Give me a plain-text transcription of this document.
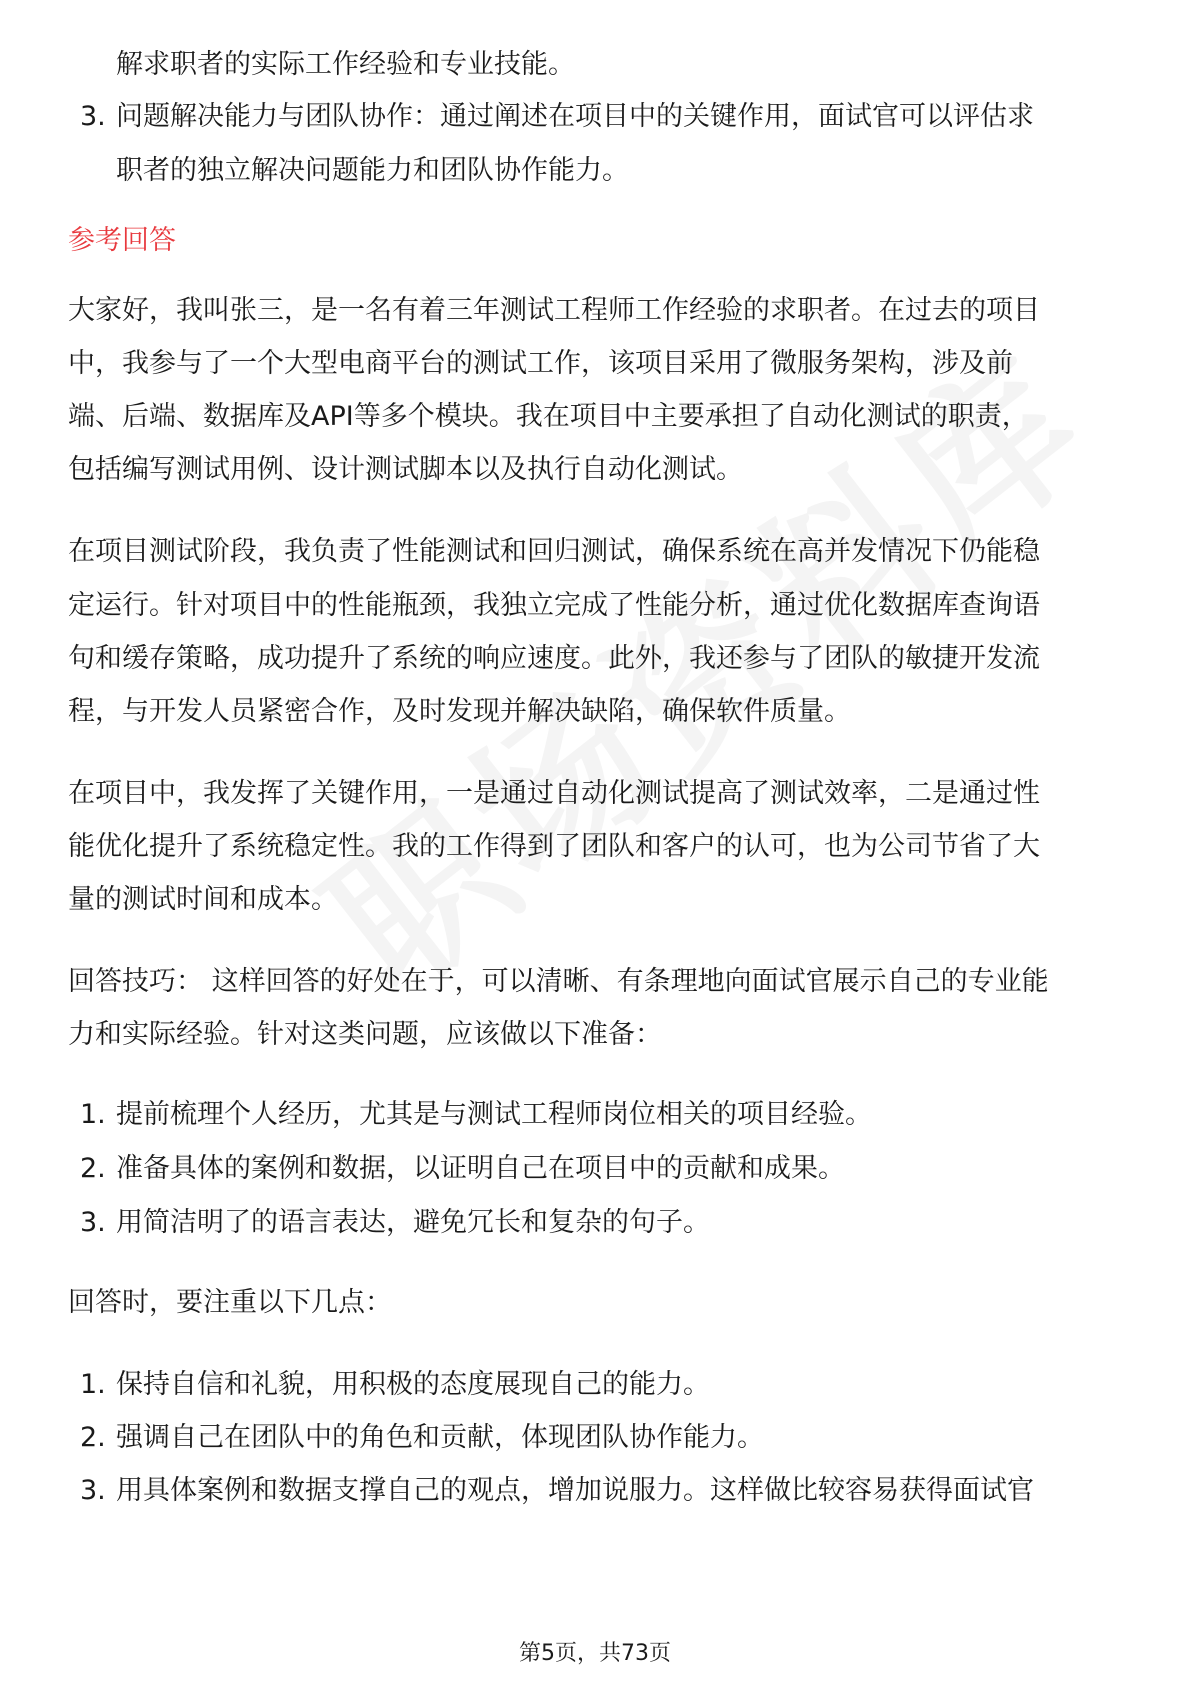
解求职者的实际工作经验和专业技能。
3. 问题解决能力与团队协作：通过阐述在项目中的关键作用，面试官可以评估求
职者的独立解决问题能力和团队协作能力。
参考回答
大家好，我叫张三，是一名有着三年测试工程师工作经验的求职者。在过去的项目
中，我参与了一个大型电商平台的测试工作，该项目采用了微服务架构，涉及前
端、后端、数据库及API等多个模块。我在项目中主要承担了自动化测试的职责，
包括编写测试用例、设计测试脚本以及执行自动化测试。
在项目测试阶段，我负责了性能测试和回归测试，确保系统在高并发情况下仍能稳
定运行。针对项目中的性能瓶颈，我独立完成了性能分析，通过优化数据库查询语
句和缓存策略，成功提升了系统的响应速度。此外，我还参与了团队的敏捷开发流
程，与开发人员紧密合作，及时发现并解决缺陷，确保软件质量。
在项目中，我发挥了关键作用，一是通过自动化测试提高了测试效率，二是通过性
能优化提升了系统稳定性。我的工作得到了团队和客户的认可，也为公司节省了大
量的测试时间和成本。
回答技巧： 这样回答的好处在于，可以清晰、有条理地向面试官展示自己的专业能
力和实际经验。针对这类问题，应该做以下准备：
1. 提前梳理个人经历，尤其是与测试工程师岗位相关的项目经验。
2. 准备具体的案例和数据，以证明自己在项目中的贡献和成果。
3. 用简洁明了的语言表达，避免冗长和复杂的句子。
回答时，要注重以下几点：
1. 保持自信和礼貌，用积极的态度展现自己的能力。
2. 强调自己在团队中的角色和贡献，体现团队协作能力。
3. 用具体案例和数据支撑自己的观点，增加说服力。这样做比较容易获得面试官
第5页，共73页
